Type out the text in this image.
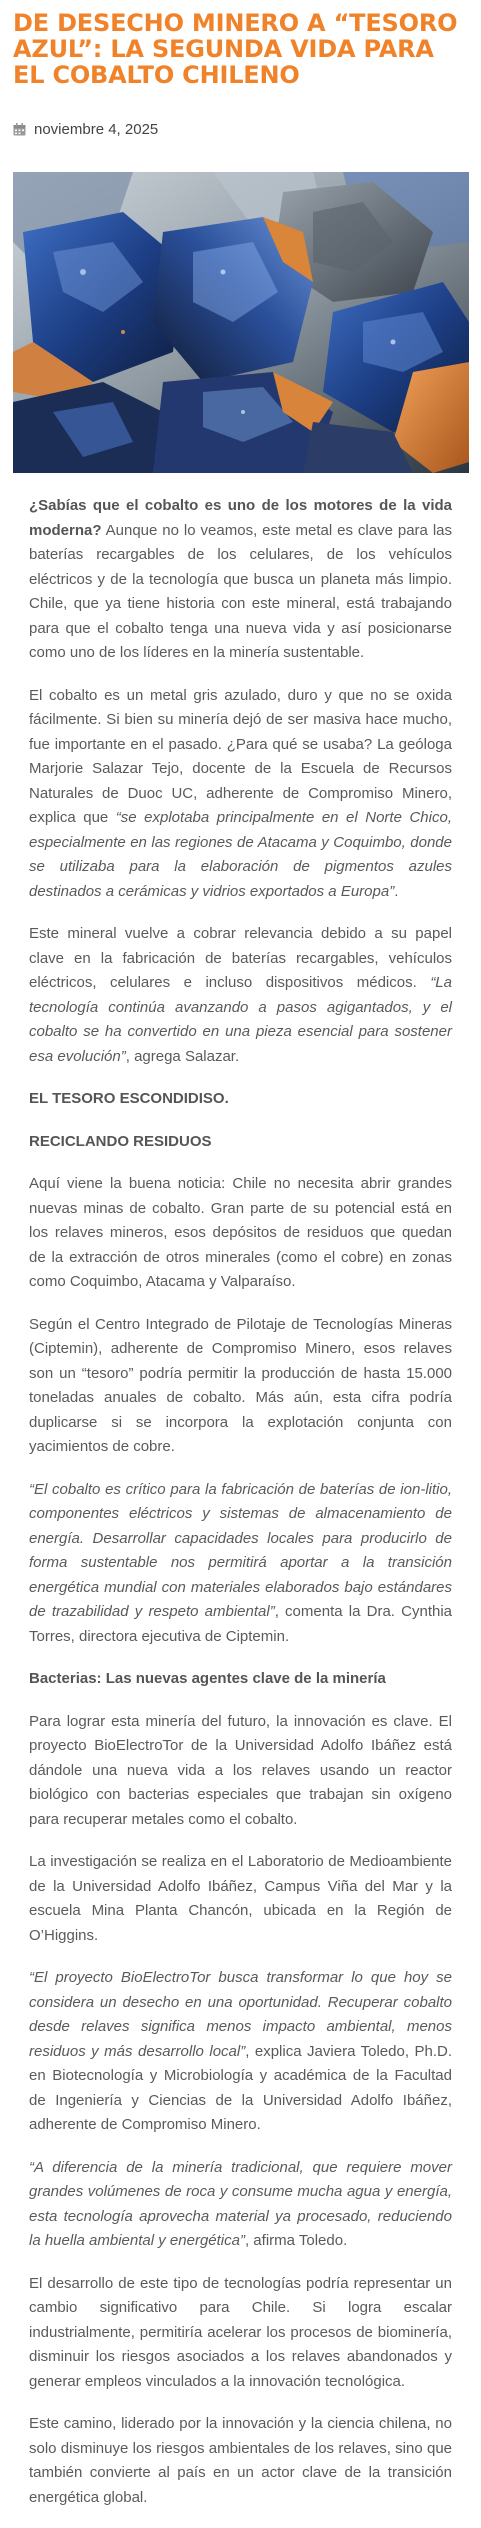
DE DESECHO MINERO A “TESORO AZUL”: LA SEGUNDA VIDA PARA EL COBALTO CHILENO
noviembre 4, 2025

¿Sabías que el cobalto es uno de los motores de la vida moderna? Aunque no lo veamos, este metal es clave para las baterías recargables de los celulares, de los vehículos eléctricos y de la tecnología que busca un planeta más limpio. Chile, que ya tiene historia con este mineral, está trabajando para que el cobalto tenga una nueva vida y así posicionarse como uno de los líderes en la minería sustentable.

El cobalto es un metal gris azulado, duro y que no se oxida fácilmente. Si bien su minería dejó de ser masiva hace mucho, fue importante en el pasado. ¿Para qué se usaba? La geóloga Marjorie Salazar Tejo, docente de la Escuela de Recursos Naturales de Duoc UC, adherente de Compromiso Minero, explica que “se explotaba principalmente en el Norte Chico, especialmente en las regiones de Atacama y Coquimbo, donde se utilizaba para la elaboración de pigmentos azules destinados a cerámicas y vidrios exportados a Europa”.

Este mineral vuelve a cobrar relevancia debido a su papel clave en la fabricación de baterías recargables, vehículos eléctricos, celulares e incluso dispositivos médicos. “La tecnología continúa avanzando a pasos agigantados, y el cobalto se ha convertido en una pieza esencial para sostener esa evolución”, agrega Salazar.

EL TESORO ESCONDIDISO.

RECICLANDO RESIDUOS

Aquí viene la buena noticia: Chile no necesita abrir grandes nuevas minas de cobalto. Gran parte de su potencial está en los relaves mineros, esos depósitos de residuos que quedan de la extracción de otros minerales (como el cobre) en zonas como Coquimbo, Atacama y Valparaíso.

Según el Centro Integrado de Pilotaje de Tecnologías Mineras (Ciptemin), adherente de Compromiso Minero, esos relaves son un “tesoro” podría permitir la producción de hasta 15.000 toneladas anuales de cobalto. Más aún, esta cifra podría duplicarse si se incorpora la explotación conjunta con yacimientos de cobre.

“El cobalto es crítico para la fabricación de baterías de ion-litio, componentes eléctricos y sistemas de almacenamiento de energía. Desarrollar capacidades locales para producirlo de forma sustentable nos permitirá aportar a la transición energética mundial con materiales elaborados bajo estándares de trazabilidad y respeto ambiental”, comenta la Dra. Cynthia Torres, directora ejecutiva de Ciptemin.

Bacterias: Las nuevas agentes clave de la minería

Para lograr esta minería del futuro, la innovación es clave. El proyecto BioElectroTor de la Universidad Adolfo Ibáñez está dándole una nueva vida a los relaves usando un reactor biológico con bacterias especiales que trabajan sin oxígeno para recuperar metales como el cobalto.

La investigación se realiza en el Laboratorio de Medioambiente de la Universidad Adolfo Ibáñez, Campus Viña del Mar y la escuela Mina Planta Chancón, ubicada en la Región de O’Higgins.

“El proyecto BioElectroTor busca transformar lo que hoy se considera un desecho en una oportunidad. Recuperar cobalto desde relaves significa menos impacto ambiental, menos residuos y más desarrollo local”, explica Javiera Toledo, Ph.D. en Biotecnología y Microbiología y académica de la Facultad de Ingeniería y Ciencias de la Universidad Adolfo Ibáñez, adherente de Compromiso Minero.

“A diferencia de la minería tradicional, que requiere mover grandes volúmenes de roca y consume mucha agua y energía, esta tecnología aprovecha material ya procesado, reduciendo la huella ambiental y energética”, afirma Toledo.

El desarrollo de este tipo de tecnologías podría representar un cambio significativo para Chile. Si logra escalar industrialmente, permitiría acelerar los procesos de biominería, disminuir los riesgos asociados a los relaves abandonados y generar empleos vinculados a la innovación tecnológica.

Este camino, liderado por la innovación y la ciencia chilena, no solo disminuye los riesgos ambientales de los relaves, sino que también convierte al país en un actor clave de la transición energética global.
